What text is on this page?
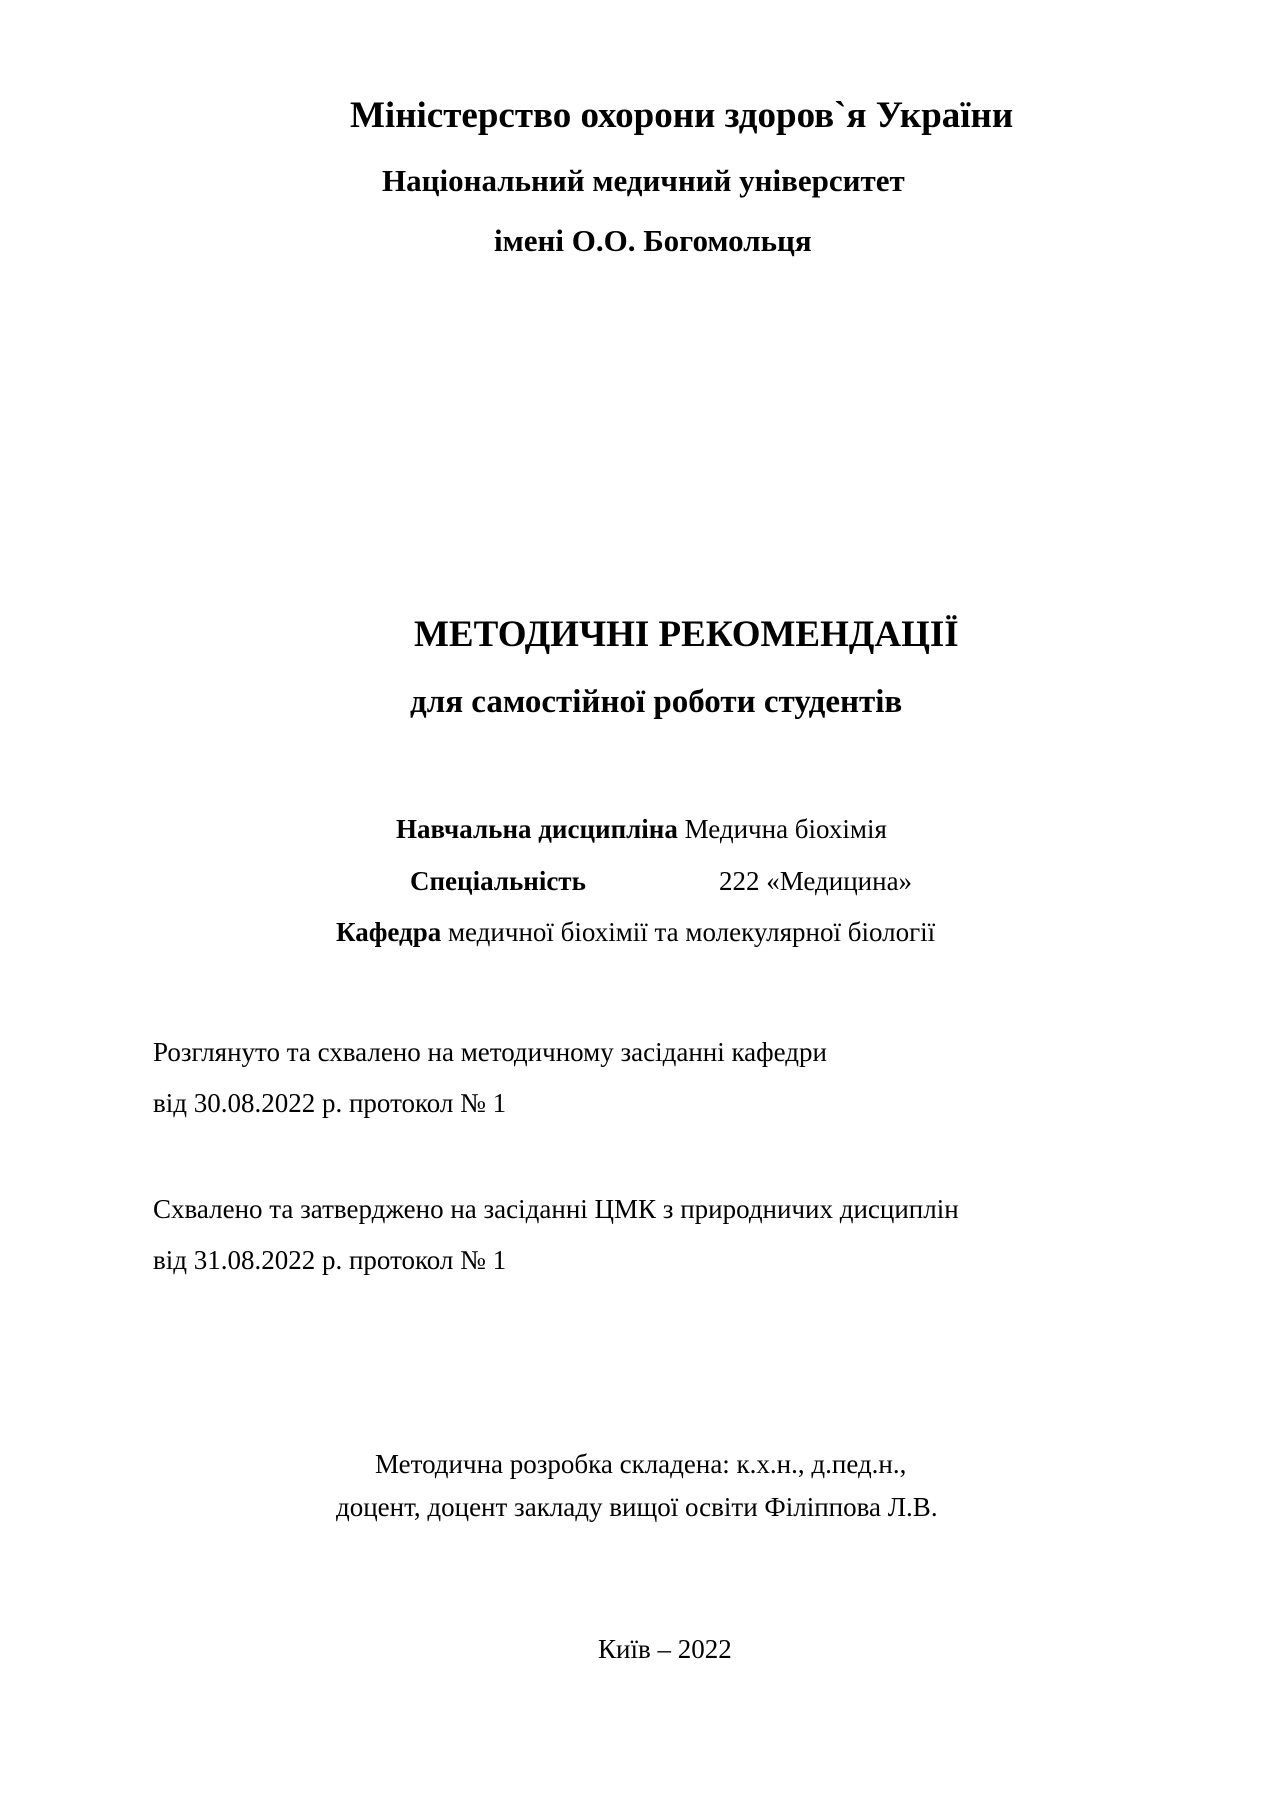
Міністерство охорони здоров`я України
Національний медичний університет
імені О.О. Богомольця
МЕТОДИЧНІ РЕКОМЕНДАЦІЇ
для самостійної роботи студентів
Навчальна дисципліна Медична біохімія
Спеціальність	222 «Медицина»
Кафедра медичної біохімії та молекулярної біології
Розглянуто та схвалено на методичному засіданні кафедри
від 30.08.2022 р. протокол № 1
Схвалено та затверджено на засіданні ЦМК з природничих дисциплін
від 31.08.2022 р. протокол № 1
Методична розробка складена: к.х.н., д.пед.н.,
доцент, доцент закладу вищої освіти Філіппова Л.В.
Київ – 2022
